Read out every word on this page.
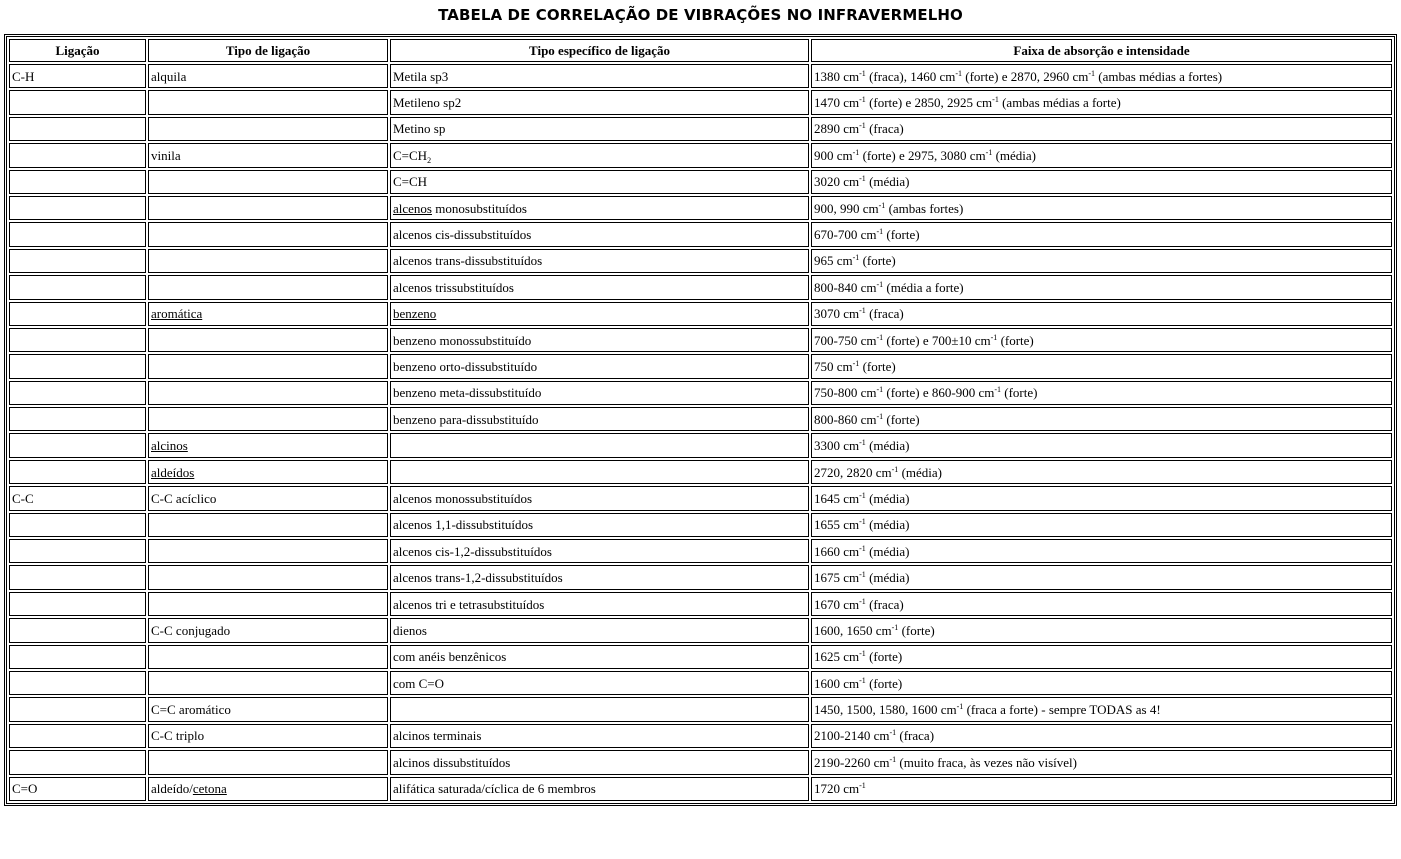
TABELA DE CORRELAÇÃO DE VIBRAÇÕES NO INFRAVERMELHO
Ligação	Tipo de ligação	Tipo específico de ligação	Faixa de absorção e intensidade
C-H	alquila	Metila sp3	1380 $cm^{-1}$ (fraca), 1460 $cm^{-1}$ (forte) e 2870, 2960 $cm^{-1}$ (ambas médias a fortes)
		Metileno sp2	1470 $cm^{-1}$ (forte) e 2850, 2925 $cm^{-1}$ (ambas médias a forte)
		Metino sp	2890 $cm^{-1}$ (fraca)
	vinila	$C=CH_2$	900 $cm^{-1}$ (forte) e 2975, 3080 $cm^{-1}$ (média)
		C=CH	3020 $cm^{-1}$ (média)
		alcenos monosubstituídos	900, 990 $cm^{-1}$ (ambas fortes)
		alcenos cis-dissubstituídos	670-700 $cm^{-1}$ (forte)
		alcenos trans-dissubstituídos	965 $cm^{-1}$ (forte)
		alcenos trissubstituídos	800-840 $cm^{-1}$ (média a forte)
	aromática	benzeno	3070 $cm^{-1}$ (fraca)
		benzeno monossubstituído	700-750 $cm^{-1}$ (forte) e 700±10 $cm^{-1}$ (forte)
		benzeno orto-dissubstituído	750 $cm^{-1}$ (forte)
		benzeno meta-dissubstituído	750-800 $cm^{-1}$ (forte) e 860-900 $cm^{-1}$ (forte)
		benzeno para-dissubstituído	800-860 $cm^{-1}$ (forte)
	alcinos		3300 $cm^{-1}$ (média)
	aldeídos		2720, 2820 $cm^{-1}$ (média)
C-C	C-C acíclico	alcenos monossubstituídos	1645 $cm^{-1}$ (média)
		alcenos 1,1-dissubstituídos	1655 $cm^{-1}$ (média)
		alcenos cis-1,2-dissubstituídos	1660 $cm^{-1}$ (média)
		alcenos trans-1,2-dissubstituídos	1675 $cm^{-1}$ (média)
		alcenos tri e tetrasubstituídos	1670 $cm^{-1}$ (fraca)
	C-C conjugado	dienos	1600, 1650 $cm^{-1}$ (forte)
		com anéis benzênicos	1625 $cm^{-1}$ (forte)
		com C=O	1600 $cm^{-1}$ (forte)
	C=C aromático		1450, 1500, 1580, 1600 $cm^{-1}$ (fraca a forte) - sempre TODAS as 4!
	C-C triplo	alcinos terminais	2100-2140 $cm^{-1}$ (fraca)
		alcinos dissubstituídos	2190-2260 $cm^{-1}$ (muito fraca, às vezes não visível)
C=O	aldeído/cetona	alifática saturada/cíclica de 6 membros	1720 $cm^{-1}$
